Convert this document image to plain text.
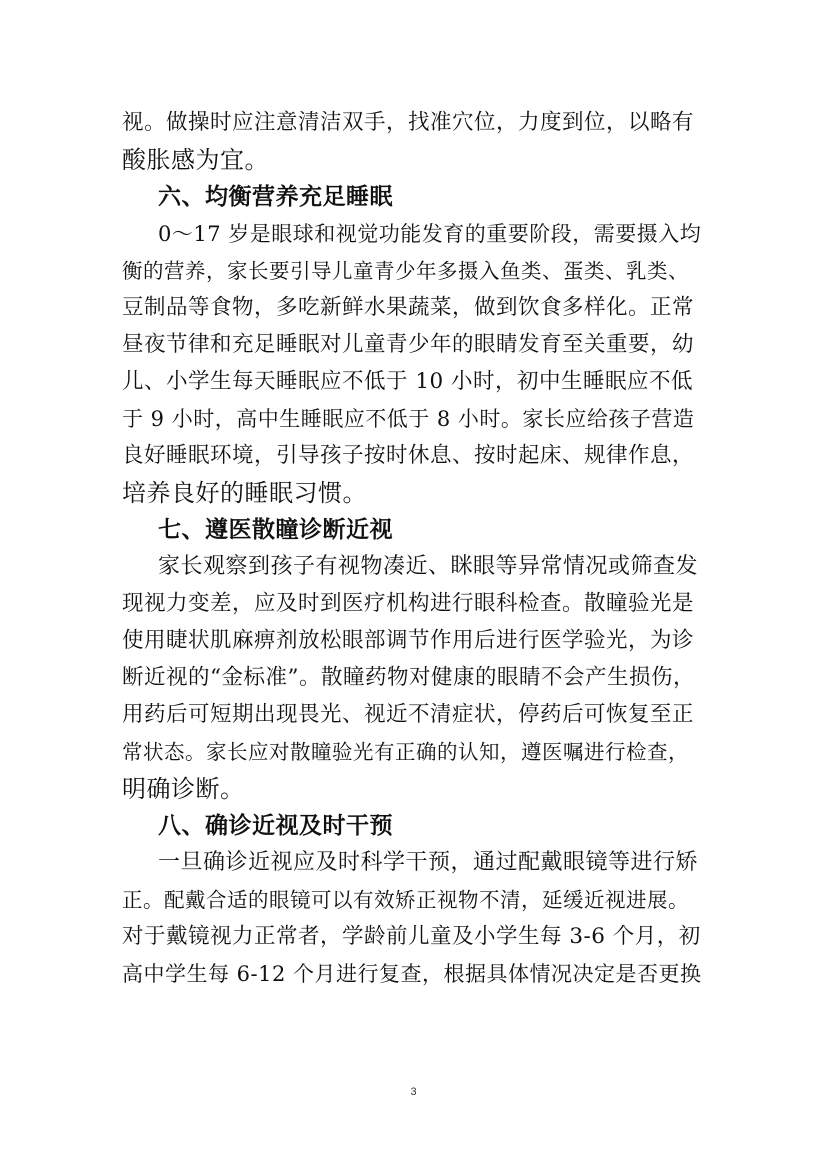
视。做操时应注意清洁双手，找准穴位，力度到位，以略有
酸胀感为宜。
六、均衡营养充足睡眠
0～17 岁是眼球和视觉功能发育的重要阶段，需要摄入均
衡的营养，家长要引导儿童青少年多摄入鱼类、蛋类、乳类、
豆制品等食物，多吃新鲜水果蔬菜，做到饮食多样化。正常
昼夜节律和充足睡眠对儿童青少年的眼睛发育至关重要，幼
儿、小学生每天睡眠应不低于 10 小时，初中生睡眠应不低
于 9 小时，高中生睡眠应不低于 8 小时。家长应给孩子营造
良好睡眠环境，引导孩子按时休息、按时起床、规律作息，
培养良好的睡眠习惯。
七、遵医散瞳诊断近视
家长观察到孩子有视物凑近、眯眼等异常情况或筛查发
现视力变差，应及时到医疗机构进行眼科检查。散瞳验光是
使用睫状肌麻痹剂放松眼部调节作用后进行医学验光，为诊
断近视的“金标准”。散瞳药物对健康的眼睛不会产生损伤，
用药后可短期出现畏光、视近不清症状，停药后可恢复至正
常状态。家长应对散瞳验光有正确的认知，遵医嘱进行检查，
明确诊断。
八、确诊近视及时干预
一旦确诊近视应及时科学干预，通过配戴眼镜等进行矫
正。配戴合适的眼镜可以有效矫正视物不清，延缓近视进展。
对于戴镜视力正常者，学龄前儿童及小学生每 3-6 个月，初
高中学生每 6-12 个月进行复查，根据具体情况决定是否更换
3
